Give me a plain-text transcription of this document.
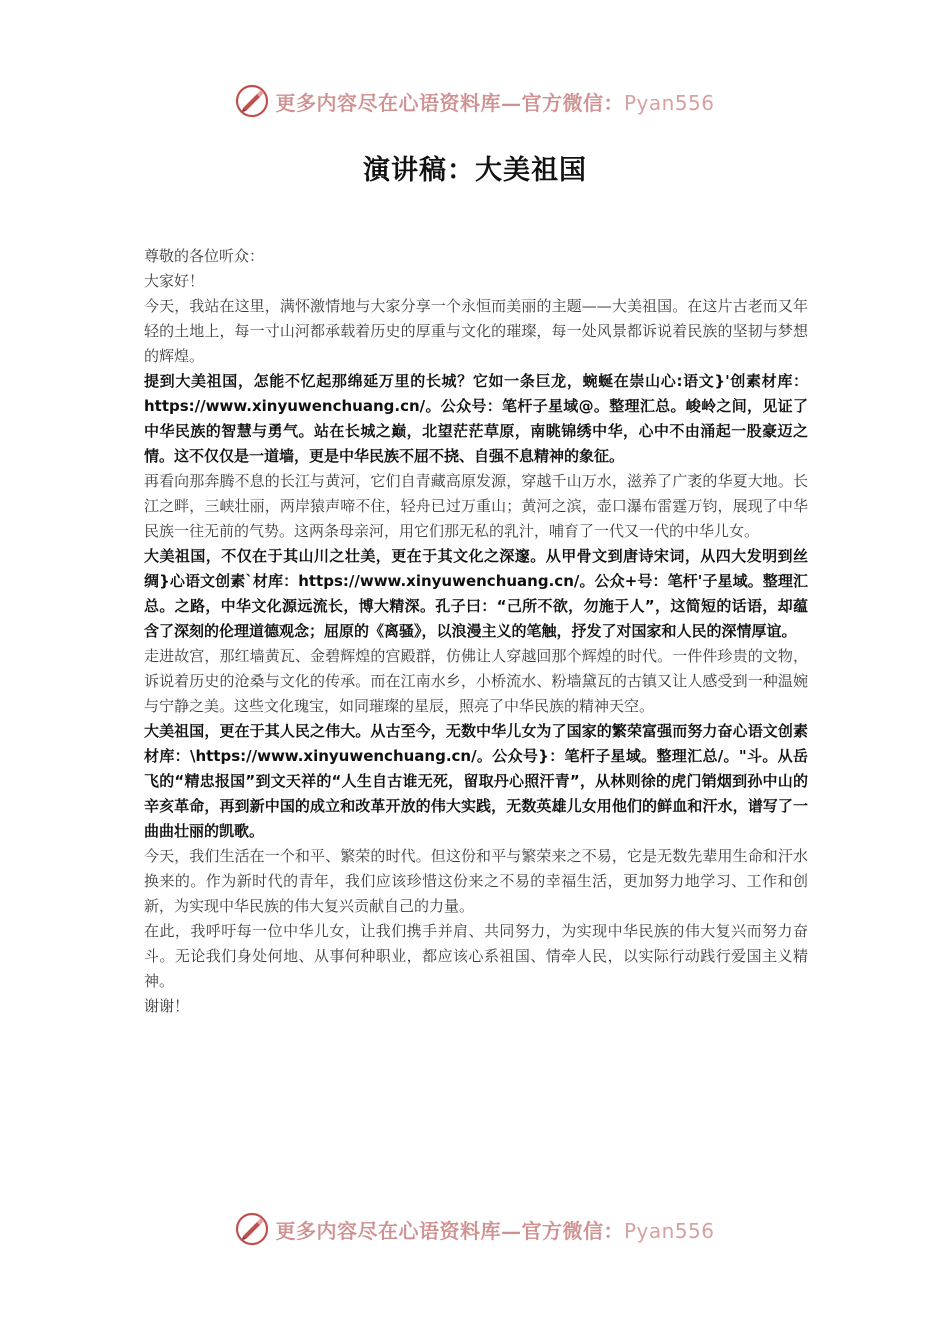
更多内容尽在心语资料库—官方微信：Pyan556
演讲稿：大美祖国

尊敬的各位听众：

大家好！

今天，我站在这里，满怀激情地与大家分享一个永恒而美丽的主题——大美祖国。在这片古老而又年轻的土地上，每一寸山河都承载着历史的厚重与文化的璀璨，每一处风景都诉说着民族的坚韧与梦想的辉煌。

提到大美祖国，怎能不忆起那绵延万里的长城？它如一条巨龙，蜿蜒在崇山心:语文}'创素材库：https://www.xinyuwenchuang.cn/。公众号：笔杆子星域@。整理汇总。峻岭之间，见证了中华民族的智慧与勇气。站在长城之巅，北望茫茫草原，南眺锦绣中华，心中不由涌起一股豪迈之情。这不仅仅是一道墙，更是中华民族不屈不挠、自强不息精神的象征。

再看向那奔腾不息的长江与黄河，它们自青藏高原发源，穿越千山万水，滋养了广袤的华夏大地。长江之畔，三峡壮丽，两岸猿声啼不住，轻舟已过万重山；黄河之滨，壶口瀑布雷霆万钧，展现了中华民族一往无前的气势。这两条母亲河，用它们那无私的乳汁，哺育了一代又一代的中华儿女。

大美祖国，不仅在于其山川之壮美，更在于其文化之深邃。从甲骨文到唐诗宋词，从四大发明到丝绸}心语文创素`材库：https://www.xinyuwenchuang.cn/。公众+号：笔杆'子星域。整理汇总。之路，中华文化源远流长，博大精深。孔子曰：“己所不欲，勿施于人”，这简短的话语，却蕴含了深刻的伦理道德观念；屈原的《离骚》，以浪漫主义的笔触，抒发了对国家和人民的深情厚谊。

走进故宫，那红墙黄瓦、金碧辉煌的宫殿群，仿佛让人穿越回那个辉煌的时代。一件件珍贵的文物，诉说着历史的沧桑与文化的传承。而在江南水乡，小桥流水、粉墙黛瓦的古镇又让人感受到一种温婉与宁静之美。这些文化瑰宝，如同璀璨的星辰，照亮了中华民族的精神天空。

大美祖国，更在于其人民之伟大。从古至今，无数中华儿女为了国家的繁荣富强而努力奋心语文创素材库：\https://www.xinyuwenchuang.cn/。公众号}：笔杆子星域。整理汇总/。"斗。从岳飞的“精忠报国”到文天祥的“人生自古谁无死，留取丹心照汗青”，从林则徐的虎门销烟到孙中山的辛亥革命，再到新中国的成立和改革开放的伟大实践，无数英雄儿女用他们的鲜血和汗水，谱写了一曲曲壮丽的凯歌。

今天，我们生活在一个和平、繁荣的时代。但这份和平与繁荣来之不易，它是无数先辈用生命和汗水换来的。作为新时代的青年，我们应该珍惜这份来之不易的幸福生活，更加努力地学习、工作和创新，为实现中华民族的伟大复兴贡献自己的力量。

在此，我呼吁每一位中华儿女，让我们携手并肩、共同努力，为实现中华民族的伟大复兴而努力奋斗。无论我们身处何地、从事何种职业，都应该心系祖国、情牵人民，以实际行动践行爱国主义精神。

谢谢！

更多内容尽在心语资料库—官方微信：Pyan556
